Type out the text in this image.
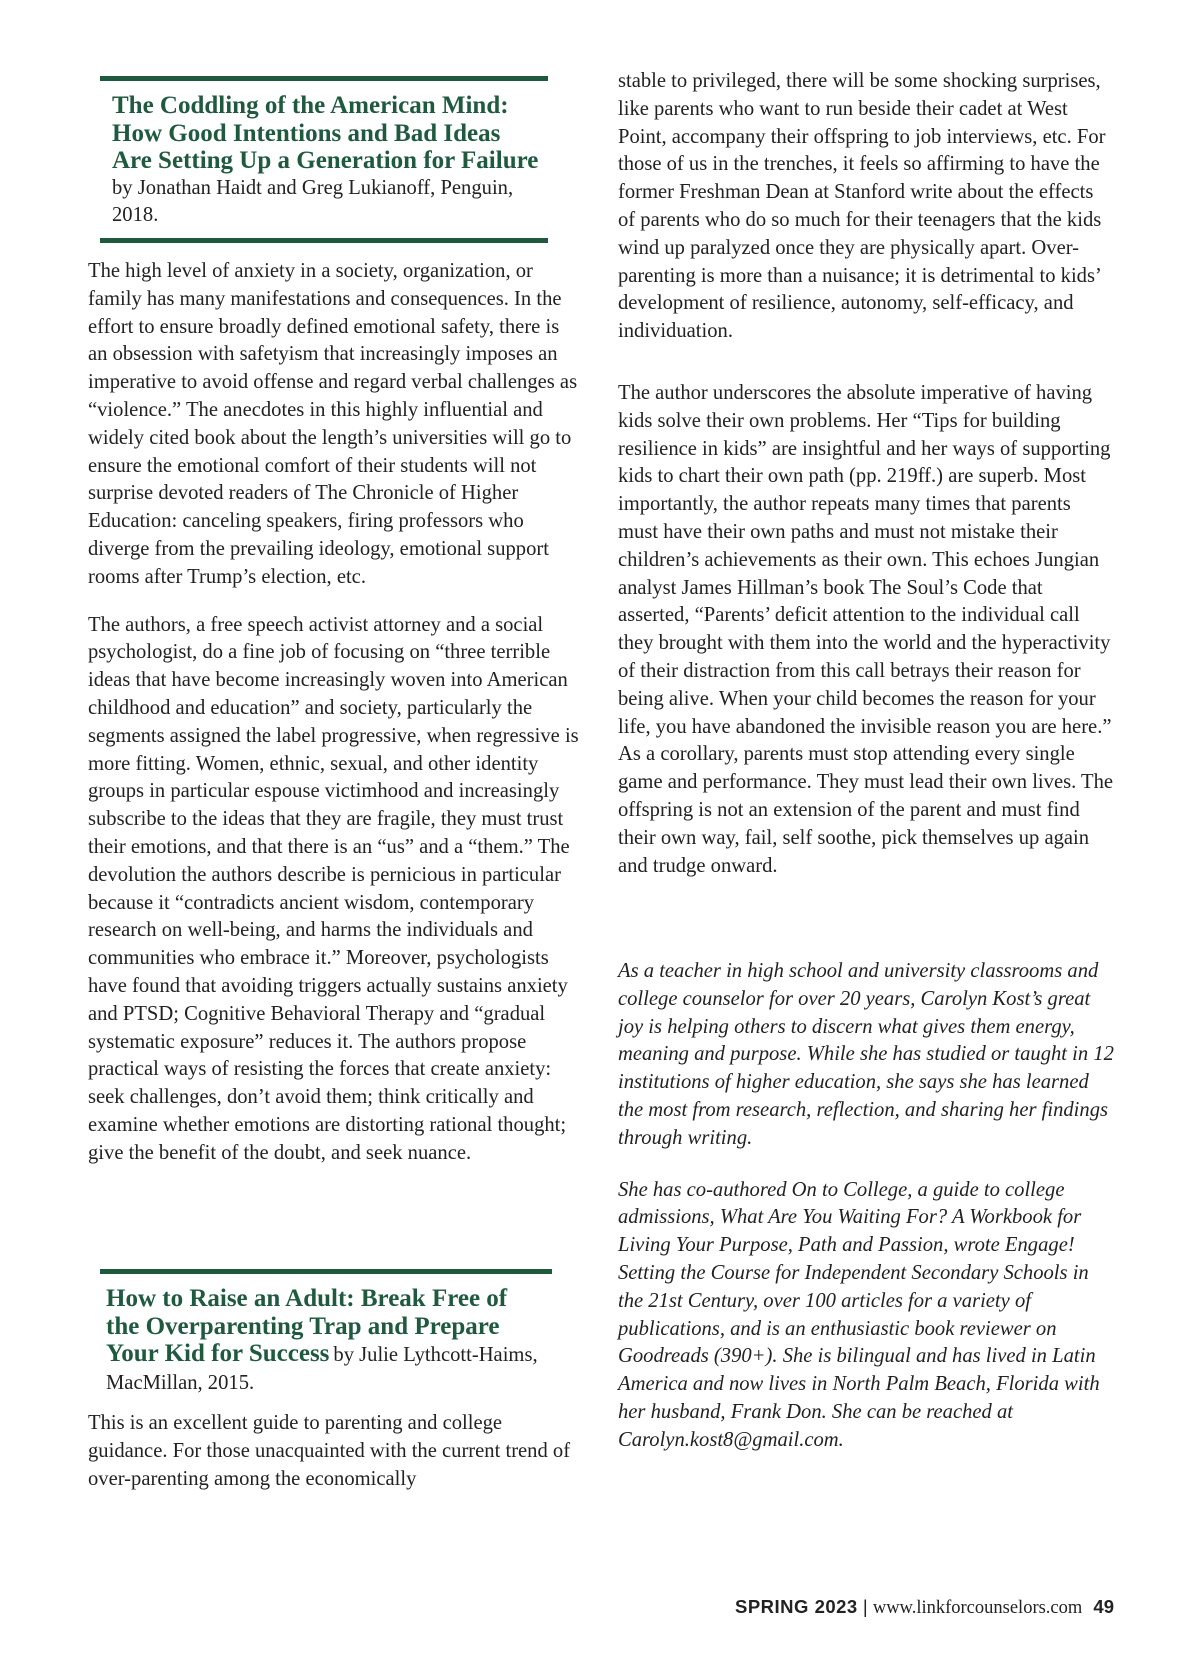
The Coddling of the American Mind: How Good Intentions and Bad Ideas Are Setting Up a Generation for Failure by Jonathan Haidt and Greg Lukianoff, Penguin, 2018.

The high level of anxiety in a society, organization, or family has many manifestations and consequences. In the effort to ensure broadly defined emotional safety, there is an obsession with safetyism that increasingly imposes an imperative to avoid offense and regard verbal challenges as “violence.” The anecdotes in this highly influential and widely cited book about the length’s universities will go to ensure the emotional comfort of their students will not surprise devoted readers of The Chronicle of Higher Education: canceling speakers, firing professors who diverge from the prevailing ideology, emotional support rooms after Trump’s election, etc.

The authors, a free speech activist attorney and a social psychologist, do a fine job of focusing on “three terrible ideas that have become increasingly woven into American childhood and education” and society, particularly the segments assigned the label progressive, when regressive is more fitting. Women, ethnic, sexual, and other identity groups in particular espouse victimhood and increasingly subscribe to the ideas that they are fragile, they must trust their emotions, and that there is an “us” and a “them.” The devolution the authors describe is pernicious in particular because it “contradicts ancient wisdom, contemporary research on well-being, and harms the individuals and communities who embrace it.” Moreover, psychologists have found that avoiding triggers actually sustains anxiety and PTSD; Cognitive Behavioral Therapy and “gradual systematic exposure” reduces it. The authors propose practical ways of resisting the forces that create anxiety: seek challenges, don’t avoid them; think critically and examine whether emotions are distorting rational thought; give the benefit of the doubt, and seek nuance.

How to Raise an Adult: Break Free of the Overparenting Trap and Prepare Your Kid for Success by Julie Lythcott-Haims, MacMillan, 2015.

This is an excellent guide to parenting and college guidance. For those unacquainted with the current trend of over-parenting among the economically

stable to privileged, there will be some shocking surprises, like parents who want to run beside their cadet at West Point, accompany their offspring to job interviews, etc. For those of us in the trenches, it feels so affirming to have the former Freshman Dean at Stanford write about the effects of parents who do so much for their teenagers that the kids wind up paralyzed once they are physically apart. Over-parenting is more than a nuisance; it is detrimental to kids’ development of resilience, autonomy, self-efficacy, and individuation.

The author underscores the absolute imperative of having kids solve their own problems. Her “Tips for building resilience in kids” are insightful and her ways of supporting kids to chart their own path (pp. 219ff.) are superb. Most importantly, the author repeats many times that parents must have their own paths and must not mistake their children’s achievements as their own. This echoes Jungian analyst James Hillman’s book The Soul’s Code that asserted, “Parents’ deficit attention to the individual call they brought with them into the world and the hyperactivity of their distraction from this call betrays their reason for being alive. When your child becomes the reason for your life, you have abandoned the invisible reason you are here.” As a corollary, parents must stop attending every single game and performance. They must lead their own lives. The offspring is not an extension of the parent and must find their own way, fail, self soothe, pick themselves up again and trudge onward.

As a teacher in high school and university classrooms and college counselor for over 20 years, Carolyn Kost’s great joy is helping others to discern what gives them energy, meaning and purpose. While she has studied or taught in 12 institutions of higher education, she says she has learned the most from research, reflection, and sharing her findings through writing.

She has co-authored On to College, a guide to college admissions, What Are You Waiting For? A Workbook for Living Your Purpose, Path and Passion, wrote Engage! Setting the Course for Independent Secondary Schools in the 21st Century, over 100 articles for a variety of publications, and is an enthusiastic book reviewer on Goodreads (390+). She is bilingual and has lived in Latin America and now lives in North Palm Beach, Florida with her husband, Frank Don. She can be reached at Carolyn.kost8@gmail.com.

SPRING 2023 | www.linkforcounselors.com 49
